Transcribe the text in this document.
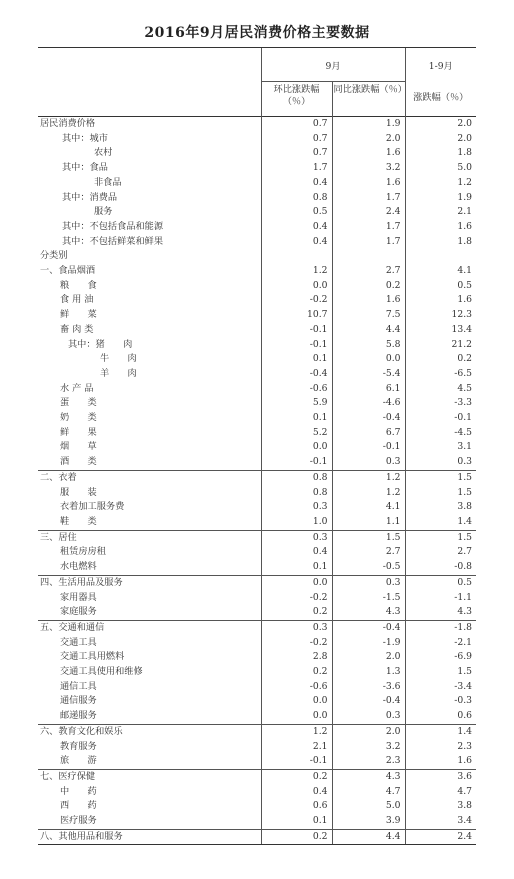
2016年9月居民消费价格主要数据
	9月		1-9月
	环比涨跌幅（％）	同比涨跌幅（％）	涨跌幅（％）
居民消费价格	0.7	1.9	2.0
其中：城市	0.7	2.0	2.0
农村	0.7	1.6	1.8
其中：食品	1.7	3.2	5.0
非食品	0.4	1.6	1.2
其中：消费品	0.8	1.7	1.9
服务	0.5	2.4	2.1
其中：不包括食品和能源	0.4	1.7	1.6
其中：不包括鲜菜和鲜果	0.4	1.7	1.8
分类别			
一、食品烟酒	1.2	2.7	4.1
粮　　食	0.0	0.2	0.5
食 用 油	-0.2	1.6	1.6
鲜　　菜	10.7	7.5	12.3
畜 肉 类	-0.1	4.4	13.4
其中：猪　　肉	-0.1	5.8	21.2
牛　　肉	0.1	0.0	0.2
羊　　肉	-0.4	-5.4	-6.5
水 产 品	-0.6	6.1	4.5
蛋　　类	5.9	-4.6	-3.3
奶　　类	0.1	-0.4	-0.1
鲜　　果	5.2	6.7	-4.5
烟　　草	0.0	-0.1	3.1
酒　　类	-0.1	0.3	0.3
二、衣着	0.8	1.2	1.5
服　　装	0.8	1.2	1.5
衣着加工服务费	0.3	4.1	3.8
鞋　　类	1.0	1.1	1.4
三、居住	0.3	1.5	1.5
租赁房房租	0.4	2.7	2.7
水电燃料	0.1	-0.5	-0.8
四、生活用品及服务	0.0	0.3	0.5
家用器具	-0.2	-1.5	-1.1
家庭服务	0.2	4.3	4.3
五、交通和通信	0.3	-0.4	-1.8
交通工具	-0.2	-1.9	-2.1
交通工具用燃料	2.8	2.0	-6.9
交通工具使用和维修	0.2	1.3	1.5
通信工具	-0.6	-3.6	-3.4
通信服务	0.0	-0.4	-0.3
邮递服务	0.0	0.3	0.6
六、教育文化和娱乐	1.2	2.0	1.4
教育服务	2.1	3.2	2.3
旅　　游	-0.1	2.3	1.6
七、医疗保健	0.2	4.3	3.6
中　　药	0.4	4.7	4.7
西　　药	0.6	5.0	3.8
医疗服务	0.1	3.9	3.4
八、其他用品和服务	0.2	4.4	2.4
